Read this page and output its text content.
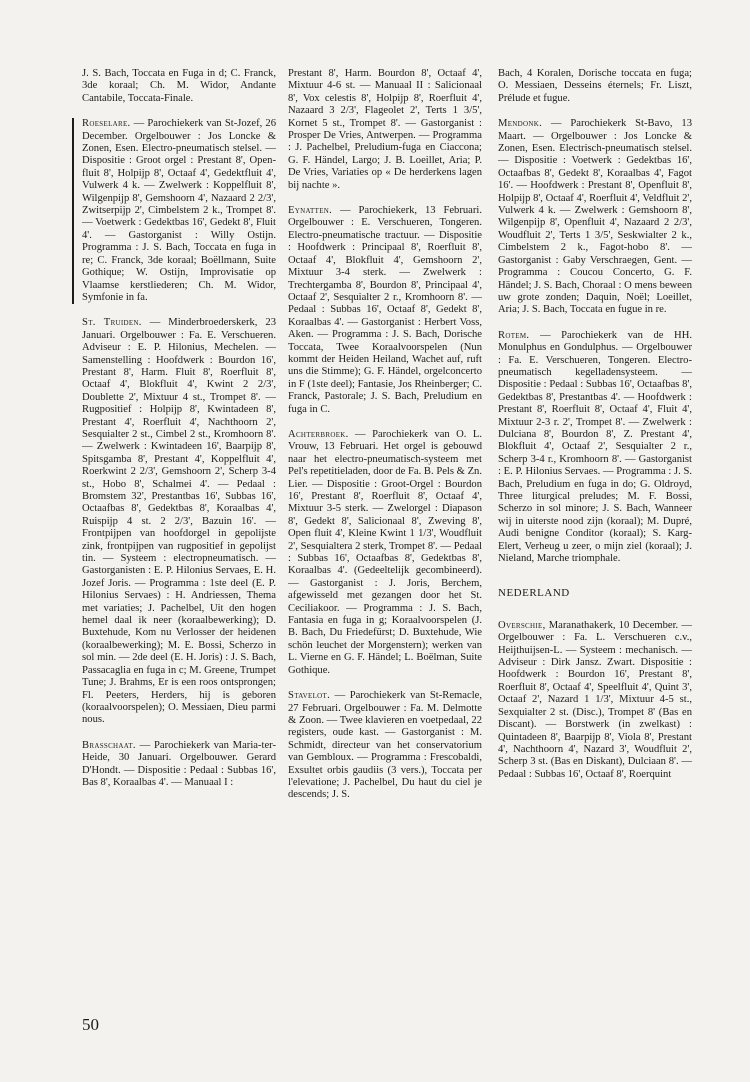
J. S. Bach, Toccata en Fuga in d; C. Franck, 3de koraal; Ch. M. Widor, Andante Cantabile, Toccata-Finale.
Roeselare. — Parochiekerk van St-Jozef, 26 December. Orgelbouwer : Jos Loncke & Zonen, Esen. Electro-pneumatisch stelsel. — Dispositie : Groot orgel : Prestant 8', Open-fluit 8', Holpijp 8', Octaaf 4', Gedektfluit 4', Vulwerk 4 k. — Zwelwerk : Koppelfluit 8', Wilgenpijp 8', Gemshoorn 4', Nazaard 2 2/3', Zwitserpijp 2', Cimbelstem 2 k., Trompet 8'. — Voetwerk : Gedektbas 16', Gedekt 8', Fluit 4'. — Gastorganist : Willy Ostijn. Programma : J. S. Bach, Toccata en fuga in re; C. Franck, 3de koraal; Boëllmann, Suite Gothique; W. Ostijn, Improvisatie op Vlaamse kerstliederen; Ch. M. Widor, Symfonie in fa.
St. Truiden. — Minderbroederskerk, 23 Januari. Orgelbouwer : Fa. E. Verschueren. Adviseur : E. P. Hilonius, Mechelen. — Samenstelling : Hoofdwerk : Bourdon 16', Prestant 8', Harm. Fluit 8', Roerfluit 8', Octaaf 4', Blokfluit 4', Kwint 2 2/3', Doublette 2', Mixtuur 4 st., Trompet 8'. — Rugpositief : Holpijp 8', Kwintadeen 8', Prestant 4', Roerfluit 4', Nachthoorn 2', Sesquialter 2 st., Cimbel 2 st., Kromhoorn 8'. — Zwelwerk : Kwintadeen 16', Baarpijp 8', Spitsgamba 8', Prestant 4', Koppelfluit 4', Roerkwint 2 2/3', Gemshoorn 2', Scherp 3-4 st., Hobo 8', Schalmei 4'. — Pedaal : Bromstem 32', Prestantbas 16', Subbas 16', Octaafbas 8', Gedektbas 8', Koraalbas 4', Ruispijp 4 st. 2 2/3', Bazuin 16'. — Frontpijpen van hoofdorgel in gepolijste zink, frontpijpen van rugpositief in gepolijst tin. — Systeem : electropneumatisch. — Gastorganisten : E. P. Hilonius Servaes, E. H. Jozef Joris. — Programma : 1ste deel (E. P. Hilonius Servaes) : H. Andriessen, Thema met variaties; J. Pachelbel, Uit den hogen hemel daal ik neer (koraalbewerking); D. Buxtehude, Kom nu Verlosser der heidenen (koraalbewerking); M. E. Bossi, Scherzo in sol min. — 2de deel (E. H. Joris) : J. S. Bach, Passacaglia en fuga in c; M. Greene, Trumpet Tune; J. Brahms, Er is een roos ontsprongen; Fl. Peeters, Herders, hij is geboren (koraalvoorspelen); O. Messiaen, Dieu parmi nous.
Brasschaat. — Parochiekerk van Maria-ter-Heide, 30 Januari. Orgelbouwer. Gerard D'Hondt. — Dispositie : Pedaal : Subbas 16', Bas 8', Koraalbas 4'. — Manuaal I :
Prestant 8', Harm. Bourdon 8', Octaaf 4', Mixtuur 4-6 st. — Manuaal II : Salicionaal 8', Vox celestis 8', Holpijp 8', Roerfluit 4', Nazaard 3 2/3', Flageolet 2', Terts 1 3/5', Kornet 5 st., Trompet 8'. — Gastorganist : Prosper De Vries, Antwerpen. — Programma : J. Pachelbel, Preludium-fuga en Ciaccona; G. F. Händel, Largo; J. B. Loeillet, Aria; P. De Vries, Variaties op « De herderkens lagen bij nachte ».
Eynatten. — Parochiekerk, 13 Februari. Orgelbouwer : E. Verschueren, Tongeren. Electro-pneumatische tractuur. — Dispositie : Hoofdwerk : Principaal 8', Roerfluit 8', Octaaf 4', Blokfluit 4', Gemshoorn 2', Mixtuur 3-4 sterk. — Zwelwerk : Trechtergamba 8', Bourdon 8', Principaal 4', Octaaf 2', Sesquialter 2 r., Kromhoorn 8'. — Pedaal : Subbas 16', Octaaf 8', Gedekt 8', Koraalbas 4'. — Gastorganist : Herbert Voss, Aken. — Programma : J. S. Bach, Dorische Toccata, Twee Koraalvoorspelen (Nun kommt der Heiden Heiland, Wachet auf, ruft uns die Stimme); G. F. Händel, orgelconcerto in F (1ste deel); Fantasie, Jos Rheinberger; C. Franck, Pastorale; J. S. Bach, Preludium en fuga in C.
Achterbroek. — Parochiekerk van O. L. Vrouw, 13 Februari. Het orgel is gebouwd naar het electro-pneumatisch-systeem met Pel's repetitieladen, door de Fa. B. Pels & Zn. Lier. — Dispositie : Groot-Orgel : Bourdon 16', Prestant 8', Roerfluit 8', Octaaf 4', Mixtuur 3-5 sterk. — Zwelorgel : Diapason 8', Gedekt 8', Salicionaal 8', Zweving 8', Open fluit 4', Kleine Kwint 1 1/3', Woudfluit 2', Sesquialtera 2 sterk, Trompet 8'. — Pedaal : Subbas 16', Octaafbas 8', Gedektbas 8', Koraalbas 4'. (Gedeeltelijk gecombineerd). — Gastorganist : J. Joris, Berchem, afgewisseld met gezangen door het St. Ceciliakoor. — Programma : J. S. Bach, Fantasia en fuga in g; Koraalvoorspelen (J. B. Bach, Du Friedefürst; D. Buxtehude, Wie schön leuchet der Morgenstern); werken van L. Vierne en G. F. Händel; L. Boëlman, Suite Gothique.
Stavelot. — Parochiekerk van St-Remacle, 27 Februari. Orgelbouwer : Fa. M. Delmotte & Zoon. — Twee klavieren en voetpedaal, 22 registers, oude kast. — Gastorganist : M. Schmidt, directeur van het conservatorium van Gembloux. — Programma : Frescobaldi, Exsultet orbis gaudiis (3 vers.), Toccata per l'elevatione; J. Pachelbel, Du haut du ciel je descends; J. S.
Bach, 4 Koralen, Dorische toccata en fuga; O. Messiaen, Desseins éternels; Fr. Liszt, Prélude et fugue.
Mendonk. — Parochiekerk St-Bavo, 13 Maart. — Orgelbouwer : Jos Loncke & Zonen, Esen. Electrisch-pneumatisch stelsel. — Dispositie : Voetwerk : Gedektbas 16', Octaafbas 8', Gedekt 8', Koraalbas 4', Fagot 16'. — Hoofdwerk : Prestant 8', Openfluit 8', Holpijp 8', Octaaf 4', Roerfluit 4', Veldfluit 2', Vulwerk 4 k. — Zwelwerk : Gemshoorn 8', Wilgenpijp 8', Openfluit 4', Nazaard 2 2/3', Woudfluit 2', Terts 1 3/5', Seskwialter 2 k., Cimbelstem 2 k., Fagot-hobo 8'. — Gastorganist : Gaby Verschraegen, Gent. — Programma : Coucou Concerto, G. F. Händel; J. S. Bach, Choraal : O mens beween uw grote zonden; Daquin, Noël; Loeillet, Aria; J. S. Bach, Toccata en fugue in re.
Rotem. — Parochiekerk van de HH. Monulphus en Gondulphus. — Orgelbouwer : Fa. E. Verschueren, Tongeren. Electro-pneumatisch kegelladensysteem. — Dispositie : Pedaal : Subbas 16', Octaafbas 8', Gedektbas 8', Prestantbas 4'. — Hoofdwerk : Prestant 8', Roerfluit 8', Octaaf 4', Fluit 4', Mixtuur 2-3 r. 2', Trompet 8'. — Zwelwerk : Dulciana 8', Bourdon 8', Z. Prestant 4', Blokfluit 4', Octaaf 2', Sesquialter 2 r., Scherp 3-4 r., Kromhoorn 8'. — Gastorganist : E. P. Hilonius Servaes. — Programma : J. S. Bach, Preludium en fuga in do; G. Oldroyd, Three liturgical preludes; M. F. Bossi, Scherzo in sol minore; J. S. Bach, Wanneer wij in uiterste nood zijn (koraal); M. Dupré, Audi benigne Conditor (koraal); S. Karg-Elert, Verheug u zeer, o mijn ziel (koraal); J. Nieland, Marche triomphale.
NEDERLAND
Overschie, Maranathakerk, 10 December. — Orgelbouwer : Fa. L. Verschueren c.v., Heijthuijsen-L. — Systeem : mechanisch. — Adviseur : Dirk Jansz. Zwart. Dispositie : Hoofdwerk : Bourdon 16', Prestant 8', Roerfluit 8', Octaaf 4', Speelfluit 4', Quint 3', Octaaf 2', Nazard 1 1/3', Mixtuur 4-5 st., Sexquialter 2 st. (Disc.), Trompet 8' (Bas en Discant). — Borstwerk (in zwelkast) : Quintadeen 8', Baarpijp 8', Viola 8', Prestant 4', Nachthoorn 4', Nazard 3', Woudfluit 2', Scherp 3 st. (Bas en Diskant), Dulciaan 8'. — Pedaal : Subbas 16', Octaaf 8', Roerquint
50
